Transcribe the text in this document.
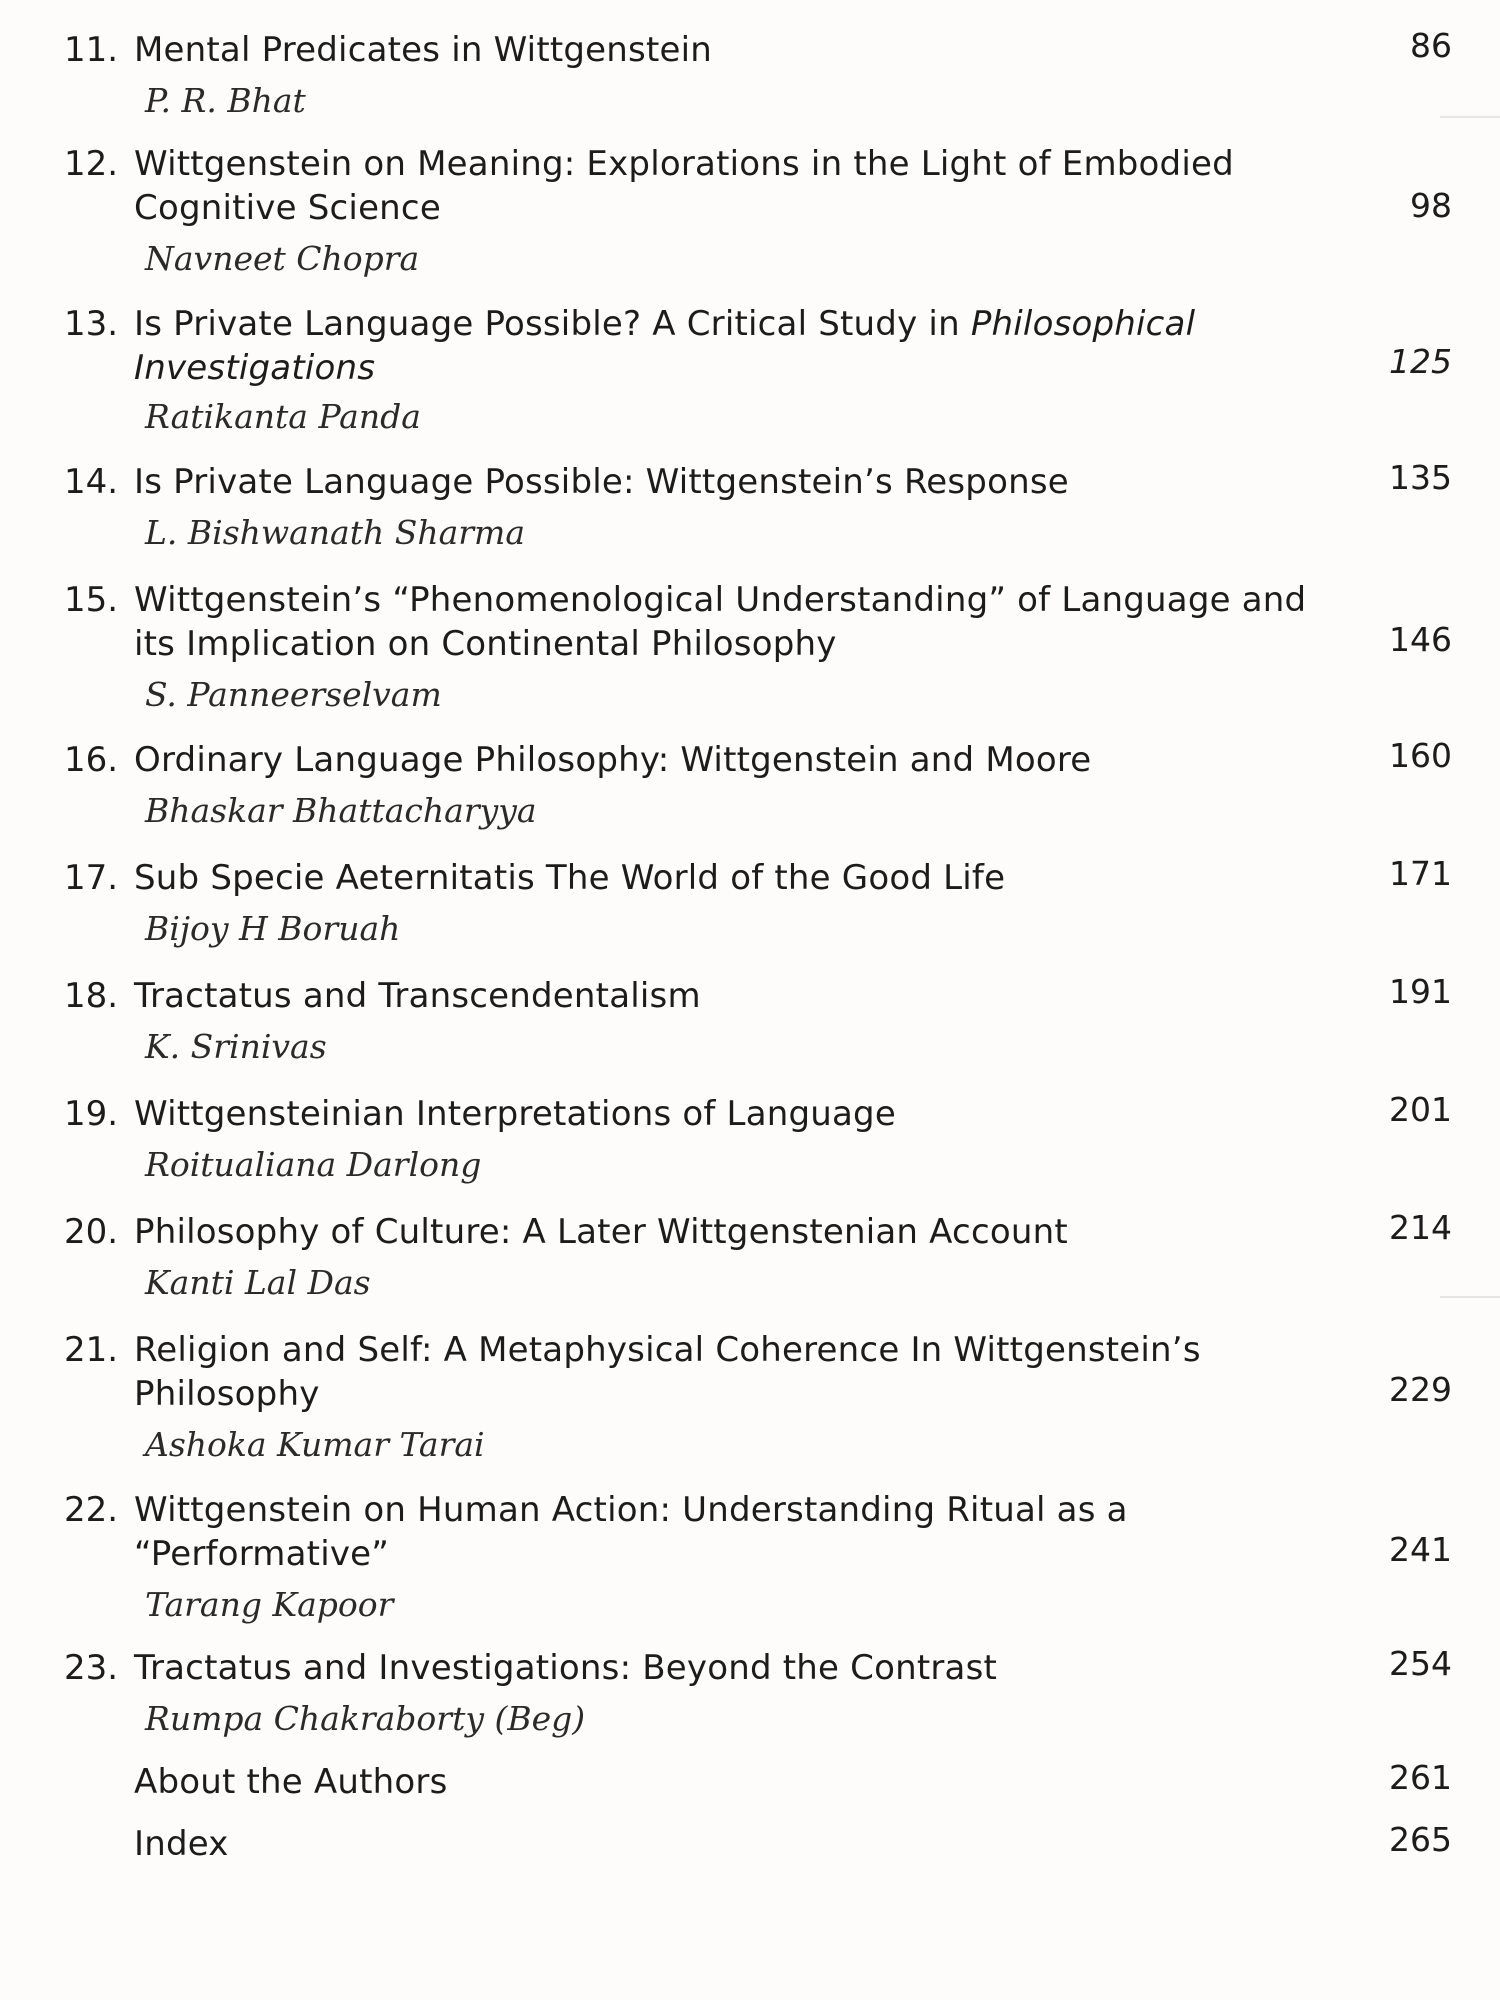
11. Mental Predicates in Wittgenstein	86
P. R. Bhat
12. Wittgenstein on Meaning: Explorations in the Light of Embodied
Cognitive Science	98
Navneet Chopra
13. Is Private Language Possible? A Critical Study in Philosophical
Investigations	125
Ratikanta Panda
14. Is Private Language Possible: Wittgenstein’s Response	135
L. Bishwanath Sharma
15. Wittgenstein’s “Phenomenological Understanding” of Language and
its Implication on Continental Philosophy	146
S. Panneerselvam
16. Ordinary Language Philosophy: Wittgenstein and Moore	160
Bhaskar Bhattacharyya
17. Sub Specie Aeternitatis The World of the Good Life	171
Bijoy H Boruah
18. Tractatus and Transcendentalism	191
K. Srinivas
19. Wittgensteinian Interpretations of Language	201
Roitualiana Darlong
20. Philosophy of Culture: A Later Wittgenstenian Account	214
Kanti Lal Das
21. Religion and Self: A Metaphysical Coherence In Wittgenstein’s
Philosophy	229
Ashoka Kumar Tarai
22. Wittgenstein on Human Action: Understanding Ritual as a
“Performative”	241
Tarang Kapoor
23. Tractatus and Investigations: Beyond the Contrast	254
Rumpa Chakraborty (Beg)
About the Authors	261
Index	265
